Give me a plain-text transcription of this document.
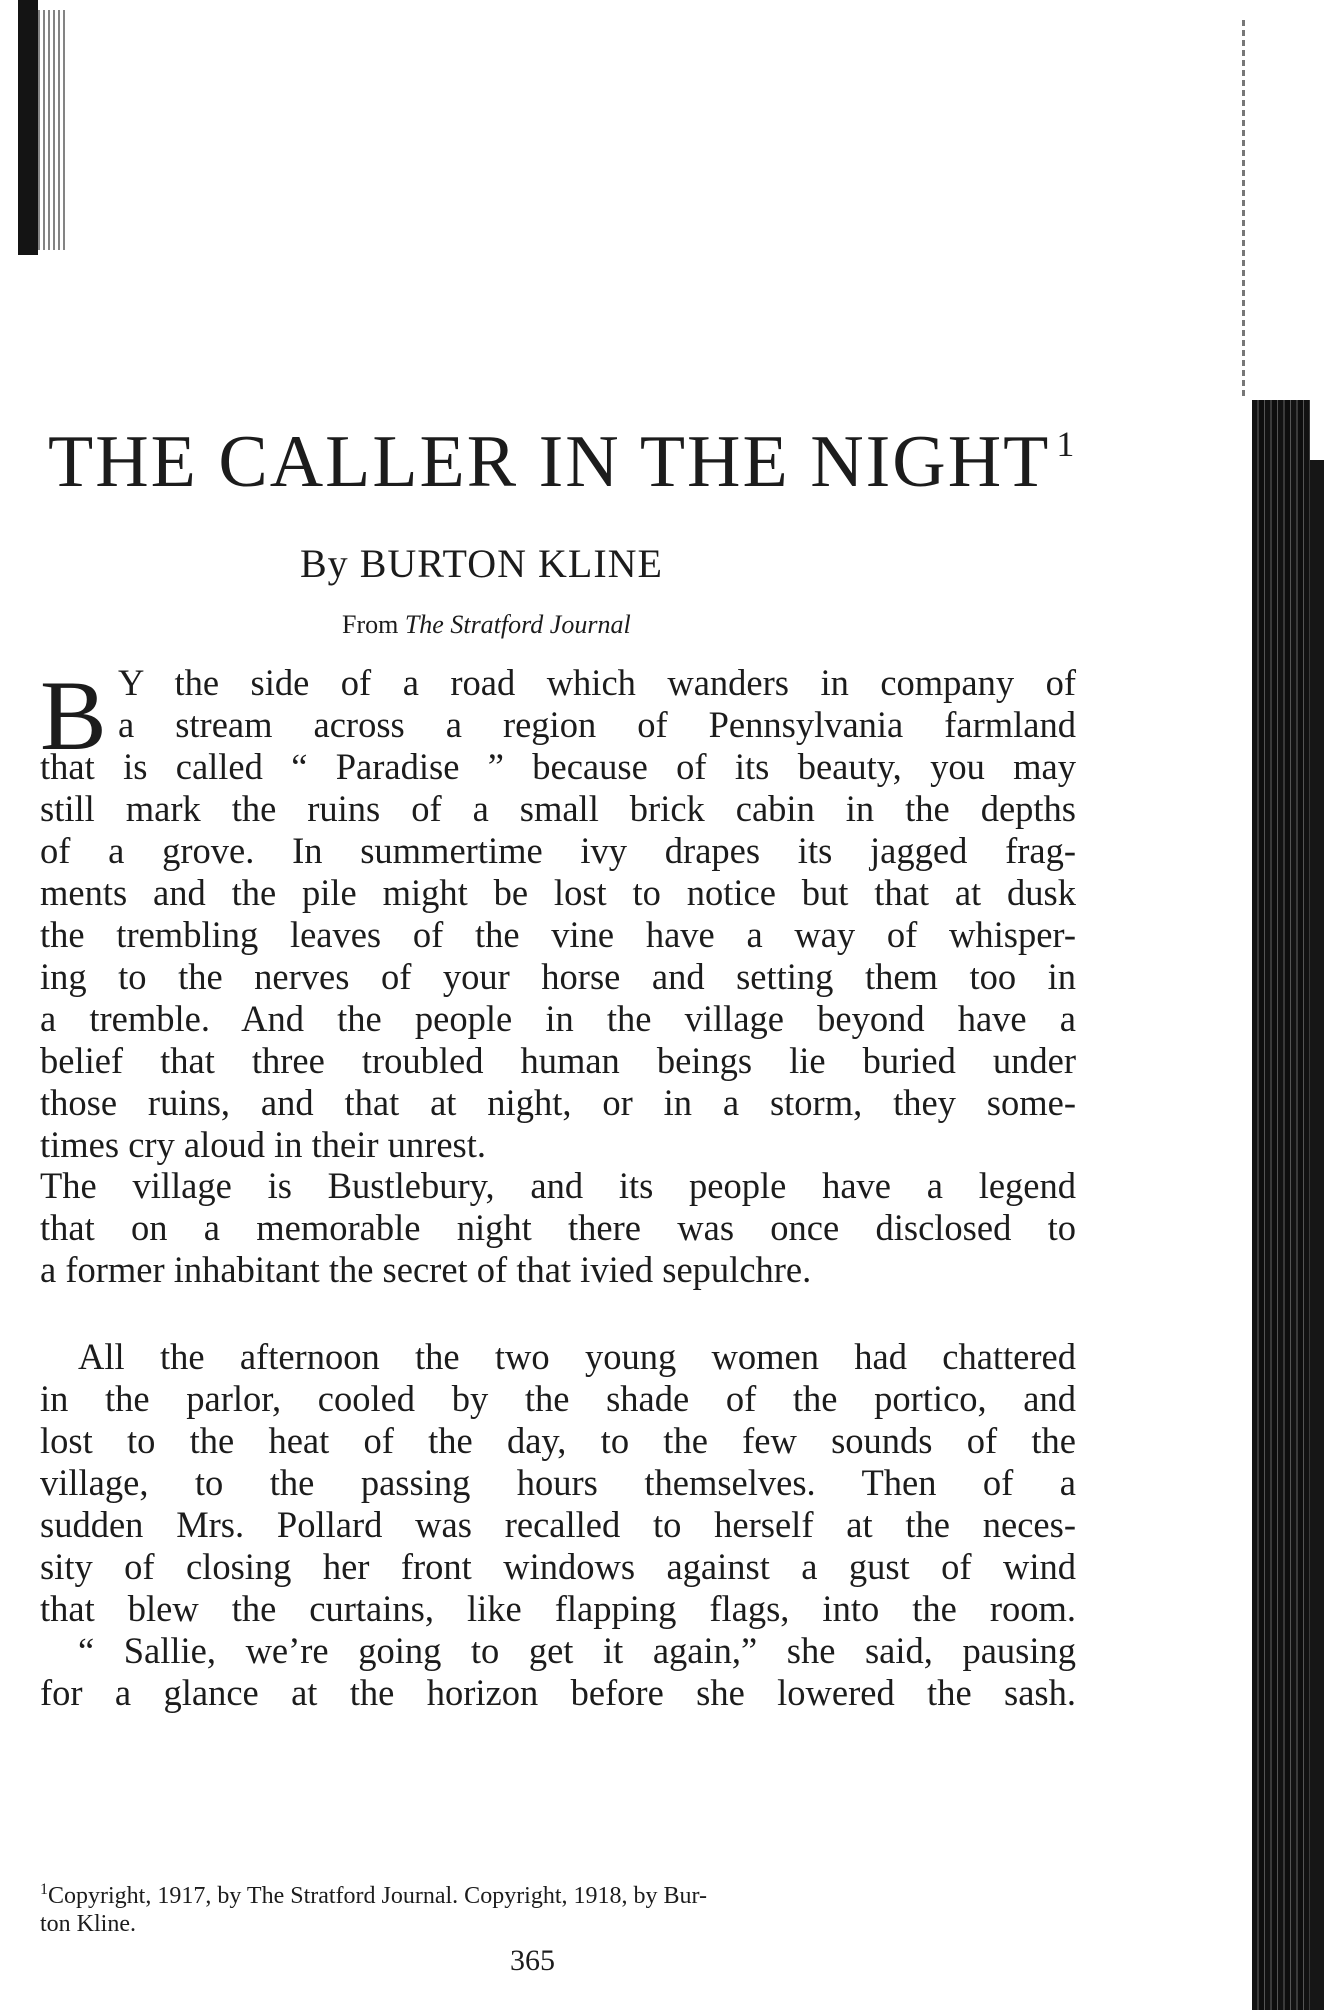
THE CALLER IN THE NIGHT $^1$
By BURTON KLINE
From The Stratford Journal
B Y the side of a road which wanders in company of
a stream across a region of Pennsylvania farmland
that is called “ Paradise ” because of its beauty, you may
still mark the ruins of a small brick cabin in the depths
of a grove. In summertime ivy drapes its jagged frag-
ments and the pile might be lost to notice but that at dusk
the trembling leaves of the vine have a way of whisper-
ing to the nerves of your horse and setting them too in
a tremble. And the people in the village beyond have a
belief that three troubled human beings lie buried under
those ruins, and that at night, or in a storm, they some-
times cry aloud in their unrest.
The village is Bustlebury, and its people have a legend
that on a memorable night there was once disclosed to
a former inhabitant the secret of that ivied sepulchre.
All the afternoon the two young women had chattered
in the parlor, cooled by the shade of the portico, and
lost to the heat of the day, to the few sounds of the
village, to the passing hours themselves. Then of a
sudden Mrs. Pollard was recalled to herself at the neces-
sity of closing her front windows against a gust of wind
that blew the curtains, like flapping flags, into the room.
“ Sallie, we’re going to get it again,” she said, pausing
for a glance at the horizon before she lowered the sash.
$^1$Copyright, 1917, by The Stratford Journal. Copyright, 1918, by Bur-
ton Kline.
365
